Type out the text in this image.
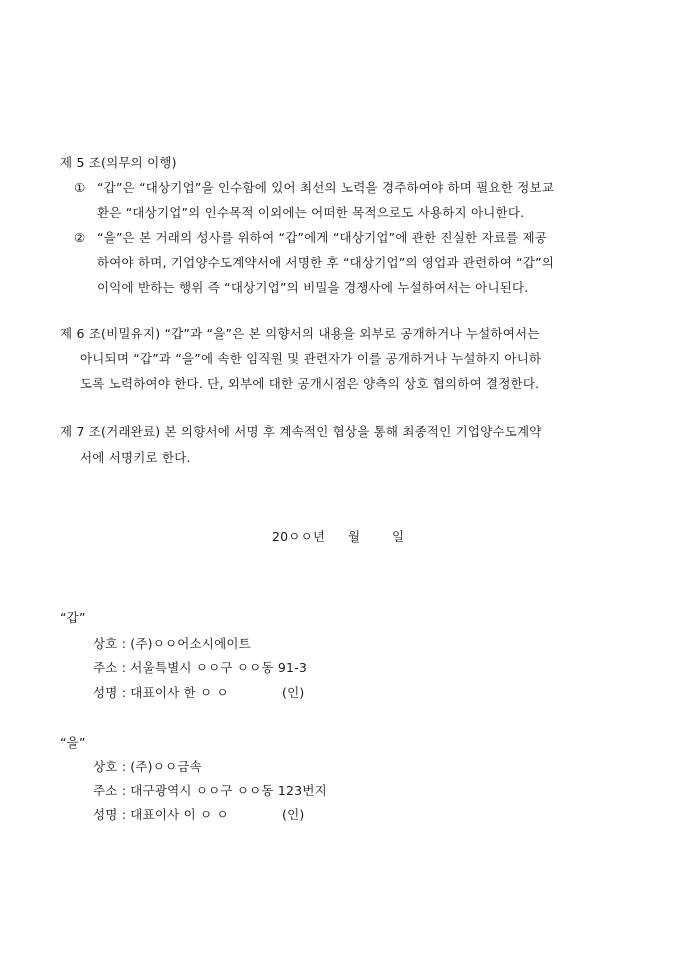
제 5 조(의무의 이행)
① “갑”은 “대상기업”을 인수함에 있어 최선의 노력을 경주하여야 하며 필요한 정보교
환은 “대상기업”의 인수목적 이외에는 어떠한 목적으로도 사용하지 아니한다.
② “을”은 본 거래의 성사를 위하여 “갑”에게 “대상기업”에 관한 진실한 자료를 제공
하여야 하며, 기업양수도계약서에 서명한 후 “대상기업”의 영업과 관련하여 “갑”의
이익에 반하는 행위 즉 “대상기업”의 비밀을 경쟁사에 누설하여서는 아니된다.
제 6 조(비밀유지) “갑”과 “을”은 본 의향서의 내용을 외부로 공개하거나 누설하여서는
아니되며 “갑”과 “을”에 속한 임직원 및 관련자가 이를 공개하거나 누설하지 아니하
도록 노력하여야 한다. 단, 외부에 대한 공개시점은 양측의 상호 협의하여 결정한다.
제 7 조(거래완료) 본 의향서에 서명 후 계속적인 협상을 통해 최종적인 기업양수도계약
서에 서명키로 한다.
20ㅇㅇ년 월	일
“갑”
상호 : (주)ㅇㅇ어소시에이트
주소 : 서울특별시 ㅇㅇ구 ㅇㅇ동 91-3
성명 : 대표이사 한 ㅇ ㅇ	(인)
“을”
상호 : (주)ㅇㅇ금속
주소 : 대구광역시 ㅇㅇ구 ㅇㅇ동 123번지
성명 : 대표이사 이 ㅇ ㅇ	(인)
